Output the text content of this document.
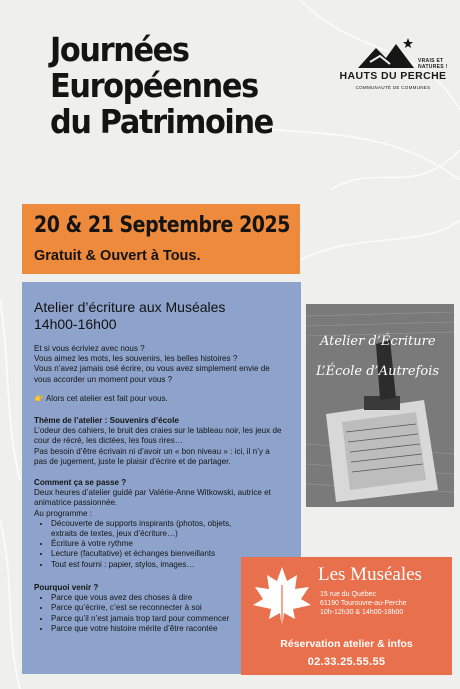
Journées
Européennes
du Patrimoine
VRAIS ET
NATURES !
HAUTS DU PERCHE
COMMUNAUTÉ DE COMMUNES
20 & 21 Septembre 2025
Gratuit & Ouvert à Tous.
Atelier d’écriture aux Muséales
14h00-16h00
Et si vous écriviez avec nous ?
Vous aimez les mots, les souvenirs, les belles histoires ?
Vous n’avez jamais osé écrire, ou vous avez simplement envie de
vous accorder un moment pour vous ?
👉 Alors cet atelier est fait pour vous.
Thème de l’atelier : Souvenirs d’école
L’odeur des cahiers, le bruit des craies sur le tableau noir, les jeux de
cour de récré, les dictées, les fous rires…
Pas besoin d’être écrivain ni d’avoir un « bon niveau » : ici, il n’y a
pas de jugement, juste le plaisir d’écrire et de partager.
Comment ça se passe ?
Deux heures d’atelier guidé par Valérie-Anne Witkowski, autrice et
animatrice passionnée.
Au programme :
• Découverte de supports inspirants (photos, objets, extraits de textes, jeux d’écriture…)
• Écriture à votre rythme
• Lecture (facultative) et échanges bienveillants
• Tout est fourni : papier, stylos, images…
Pourquoi venir ?
• Parce que vous avez des choses à dire
• Parce qu’écrire, c’est se reconnecter à soi
• Parce qu’il n’est jamais trop tard pour commencer
• Parce que votre histoire mérite d’être racontée
Atelier d’Écriture
L’École d’Autrefois
Les Muséales
15 rue du Québec
61190 Tourouvre-au-Perche
10h-12h30 & 14h00-18h00
Réservation atelier & infos
02.33.25.55.55
